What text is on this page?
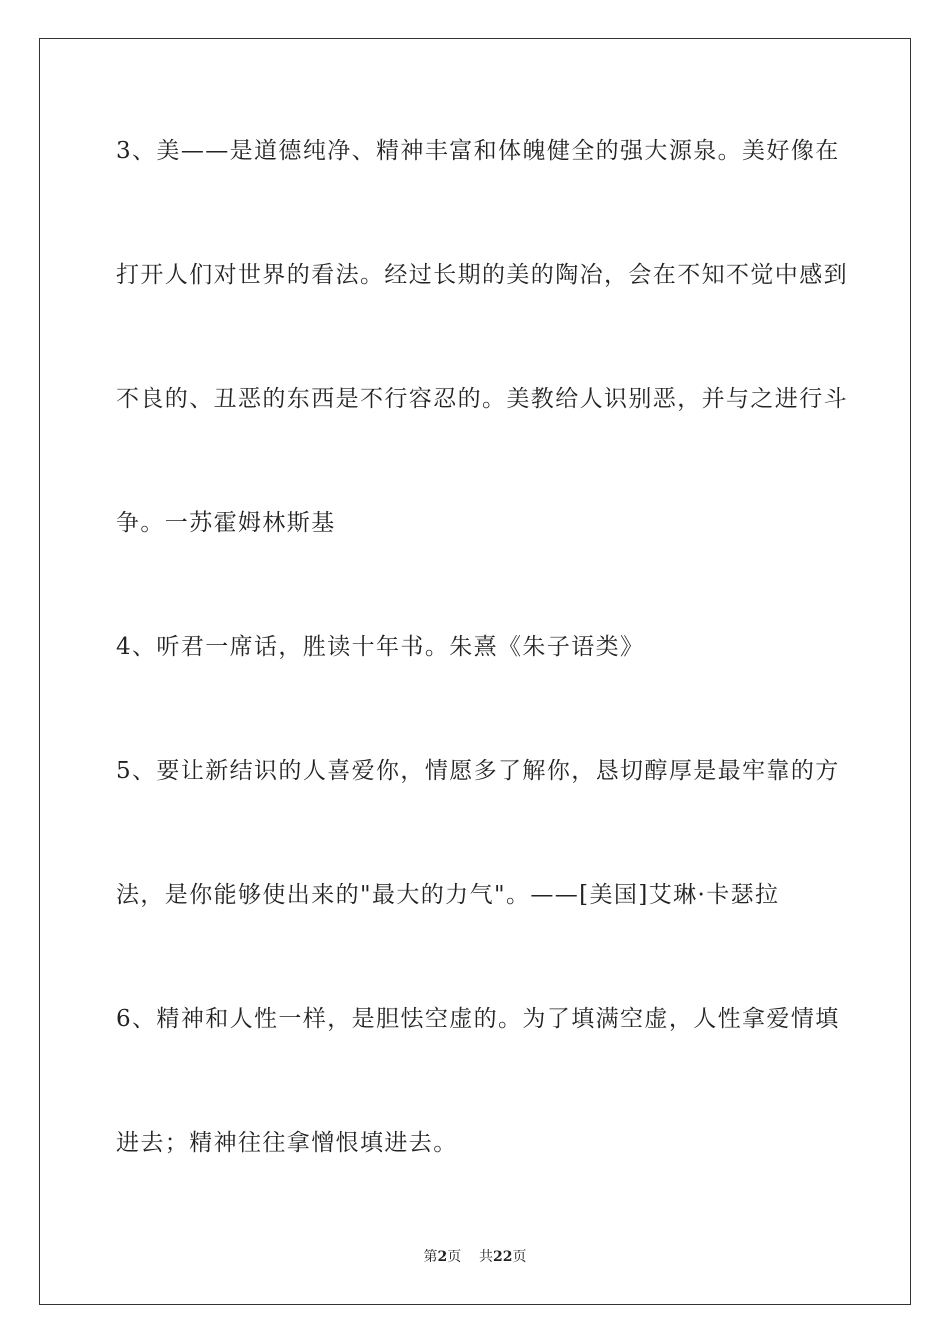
3、美——是道德纯净、精神丰富和体魄健全的强大源泉。美好像在
打开人们对世界的看法。经过长期的美的陶冶，会在不知不觉中感到
不良的、丑恶的东西是不行容忍的。美教给人识别恶，并与之进行斗
争。一苏霍姆林斯基
4、听君一席话，胜读十年书。朱熹《朱子语类》
5、要让新结识的人喜爱你，情愿多了解你，恳切醇厚是最牢靠的方
法，是你能够使出来的"最大的力气"。——[美国]艾琳·卡瑟拉
6、精神和人性一样，是胆怯空虚的。为了填满空虚，人性拿爱情填
进去；精神往往拿憎恨填进去。
第2页 共22页
